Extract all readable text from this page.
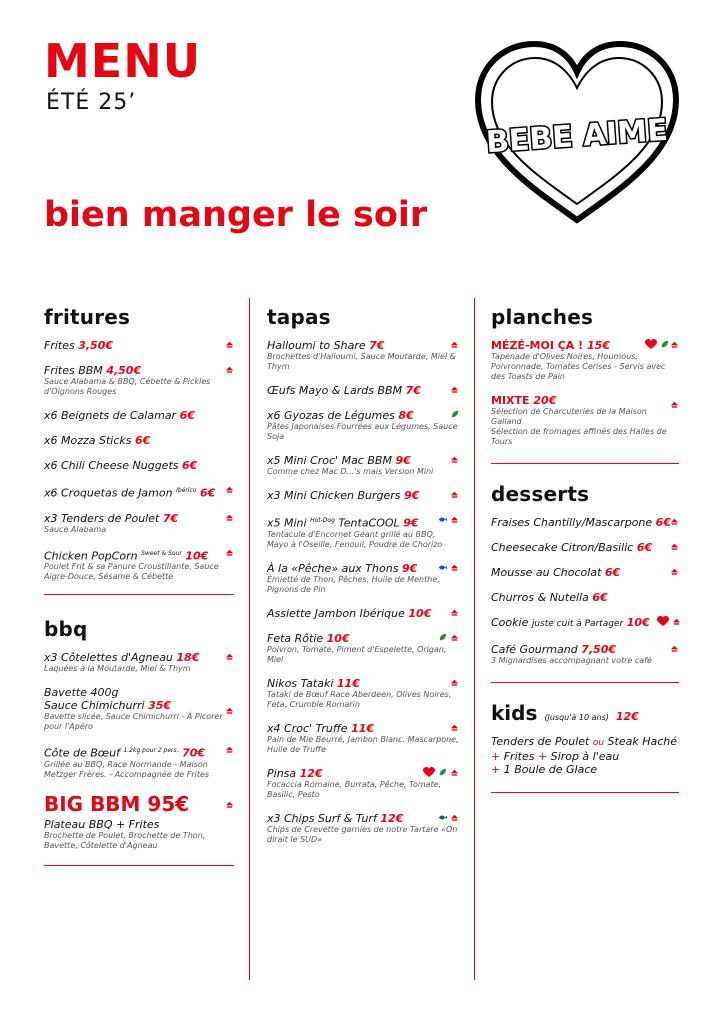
MENU
ÉTÉ 25’
bien manger le soir
BEBE AIME
fritures
Frites 3,50€
Frites BBM 4,50€
Sauce Alabama & BBQ, Cébette & Pickles d'Oignons Rouges
x6 Beignets de Calamar 6€
x6 Mozza Sticks 6€
x6 Chili Cheese Nuggets 6€
x6 Croquetas de Jamon $^{Ibérico}$ 6€
x3 Tenders de Poulet 7€
Sauce Alabama
Chicken PopCorn $^{Sweet \& Sour}$ 10€
Poulet Frit & sa Panure Croustillante, Sauce Aigre-Douce, Sésame & Cébette
bbq
x3 Côtelettes d'Agneau 18€
Laquées à la Moutarde, Miel & Thym
Bavette 400g
Sauce Chimichurri 35€
Bavette slicée, Sauce Chimichurri - À Picorer pour l'Apéro
Côte de Bœuf $^{1.2kg pour 2 pers.}$ 70€
Grillée au BBQ, Race Normande - Maison Metzger Frères. - Accompagnée de Frites
BIG BBM 95€
Plateau BBQ + Frites
Brochette de Poulet, Brochette de Thon, Bavette, Côtelette d'Agneau
tapas
Halloumi to Share 7€
Brochettes d'Halloumi, Sauce Moutarde, Miel & Thym
Œufs Mayo & Lards BBM 7€
x6 Gyozas de Légumes 8€
Pâtes Japonaises Fourrées aux Légumes, Sauce Soja
x5 Mini Croc' Mac BBM 9€
Comme chez Mac D...'s mais Version Mini
x3 Mini Chicken Burgers 9€
x5 Mini $^{Hot-Dog}$ TentaCOOL 9€
Tentacule d'Encornet Géant grillé au BBQ, Mayo à l'Oseille, Fenouil, Poudre de Chorizo
À la «Pêche» aux Thons 9€
Émietté de Thon, Pêches, Huile de Menthe, Pignons de Pin
Assiette Jambon Ibérique 10€
Feta Rôtie 10€
Poivron, Tomate, Piment d'Espelette, Origan, Miel
Nikos Tataki 11€
Tataki de Bœuf Race Aberdeen, Olives Noires, Feta, Crumble Romarin
x4 Croc' Truffe 11€
Pain de Mie Beurré, Jambon Blanc, Mascarpone, Huile de Truffe
Pinsa 12€
Focaccia Romaine, Burrata, Pêche, Tomate, Basilic, Pesto
x3 Chips Surf & Turf 12€
Chips de Crevette garnies de notre Tartare «On dirait le SUD»
planches
MÉZÉ-MOI ÇA ! 15€
Tapenade d'Olives Noires, Houmous, Poivronnade, Tomates Cerises - Servis avec des Toasts de Pain
MIXTE 20€
Sélection de Charcuteries de la Maison Galland
Sélection de fromages affinés des Halles de Tours
desserts
Fraises Chantilly/Mascarpone 6€
Cheesecake Citron/Basilic 6€
Mousse au Chocolat 6€
Churros & Nutella 6€
Cookie juste cuit à Partager 10€
Café Gourmand 7,50€
3 Mignardises accompagnant votre café
kids (Jusqu'à 10 ans) 12€
Tenders de Poulet ou Steak Haché
+ Frites + Sirop à l'eau
+ 1 Boule de Glace
